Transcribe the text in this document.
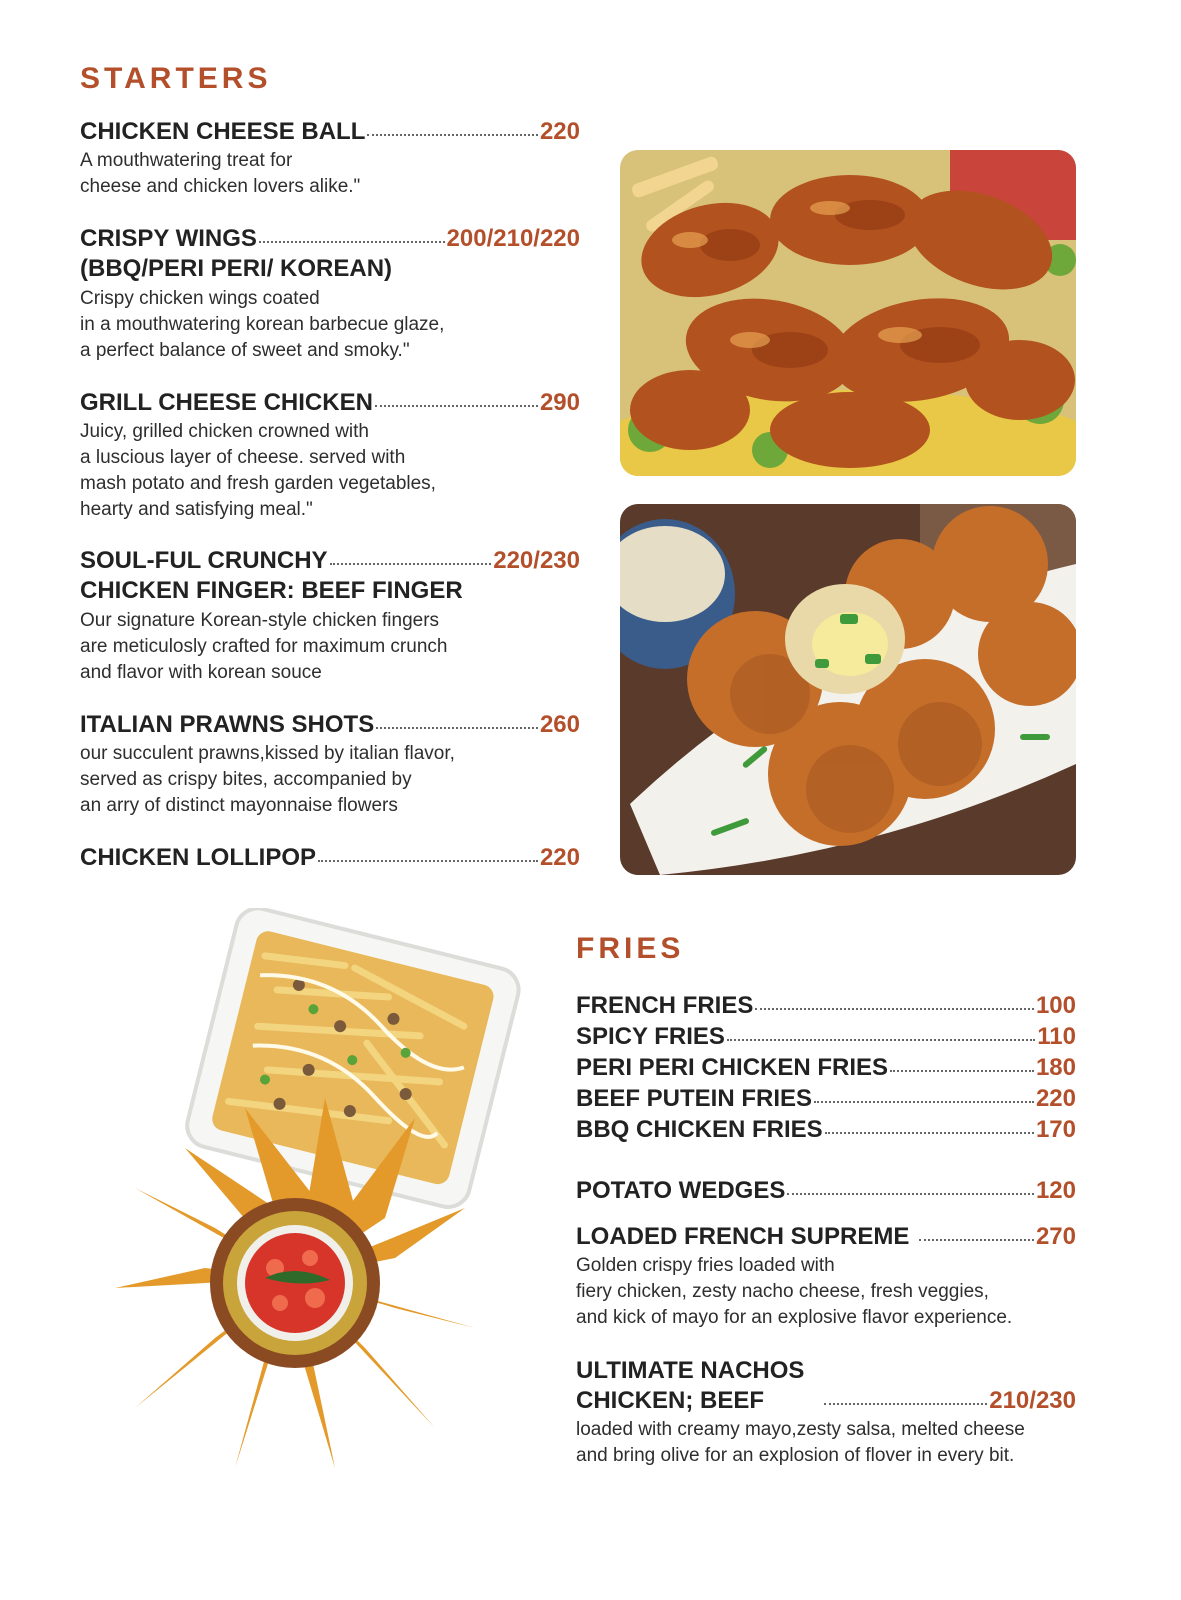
STARTERS
CHICKEN CHEESE BALL	220
A mouthwatering treat for
cheese and chicken lovers alike."
CRISPY WINGS	200/210/220
(BBQ/PERI PERI/ KOREAN)
Crispy chicken wings coated
in a mouthwatering korean barbecue glaze,
a perfect balance of sweet and smoky."
GRILL CHEESE CHICKEN	290
Juicy, grilled chicken crowned with
a luscious layer of cheese. served with
mash potato and fresh garden vegetables,
hearty and satisfying meal."
SOUL-FUL CRUNCHY	220/230
CHICKEN FINGER: BEEF FINGER
Our signature Korean-style chicken fingers
are meticulosly crafted for maximum crunch
and flavor with korean souce
ITALIAN PRAWNS SHOTS	260
our succulent prawns,kissed by italian flavor,
served as crispy bites, accompanied by
an arry of distinct mayonnaise flowers
CHICKEN LOLLIPOP	220
FRIES
FRENCH FRIES	100
SPICY FRIES	110
PERI PERI CHICKEN FRIES	180
BEEF PUTEIN FRIES	220
BBQ CHICKEN FRIES	170
POTATO WEDGES	120
LOADED FRENCH SUPREME	270
Golden crispy fries loaded with
fiery chicken, zesty nacho cheese, fresh veggies,
and kick of mayo for an explosive flavor experience.
ULTIMATE NACHOS
CHICKEN; BEEF	210/230
loaded with creamy mayo,zesty salsa, melted cheese
and bring olive for an explosion of flover in every bit.
